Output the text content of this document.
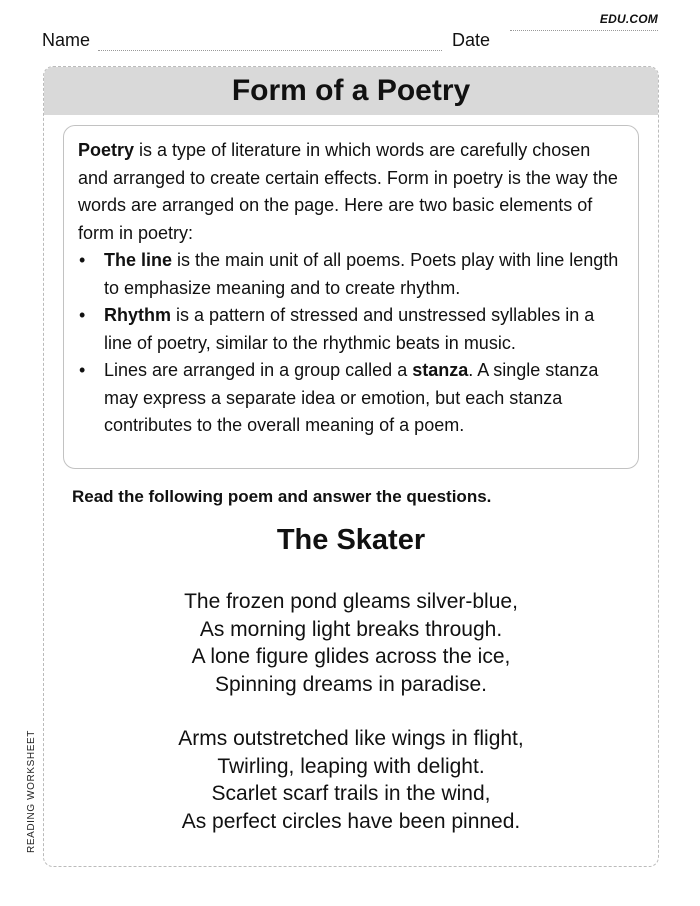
EDU.COM
Name	Date
Form of a Poetry

Poetry is a type of literature in which words are carefully chosen and arranged to create certain effects. Form in poetry is the way the words are arranged on the page. Here are two basic elements of form in poetry:

• The line is the main unit of all poems. Poets play with line length to emphasize meaning and to create rhythm.
• Rhythm is a pattern of stressed and unstressed syllables in a line of poetry, similar to the rhythmic beats in music.
• Lines are arranged in a group called a stanza. A single stanza may express a separate idea or emotion, but each stanza contributes to the overall meaning of a poem.
Read the following poem and answer the questions.
The Skater
The frozen pond gleams silver-blue,
As morning light breaks through.
A lone figure glides across the ice,
Spinning dreams in paradise.
Arms outstretched like wings in flight,
Twirling, leaping with delight.
Scarlet scarf trails in the wind,
As perfect circles have been pinned.
READING WORKSHEET
